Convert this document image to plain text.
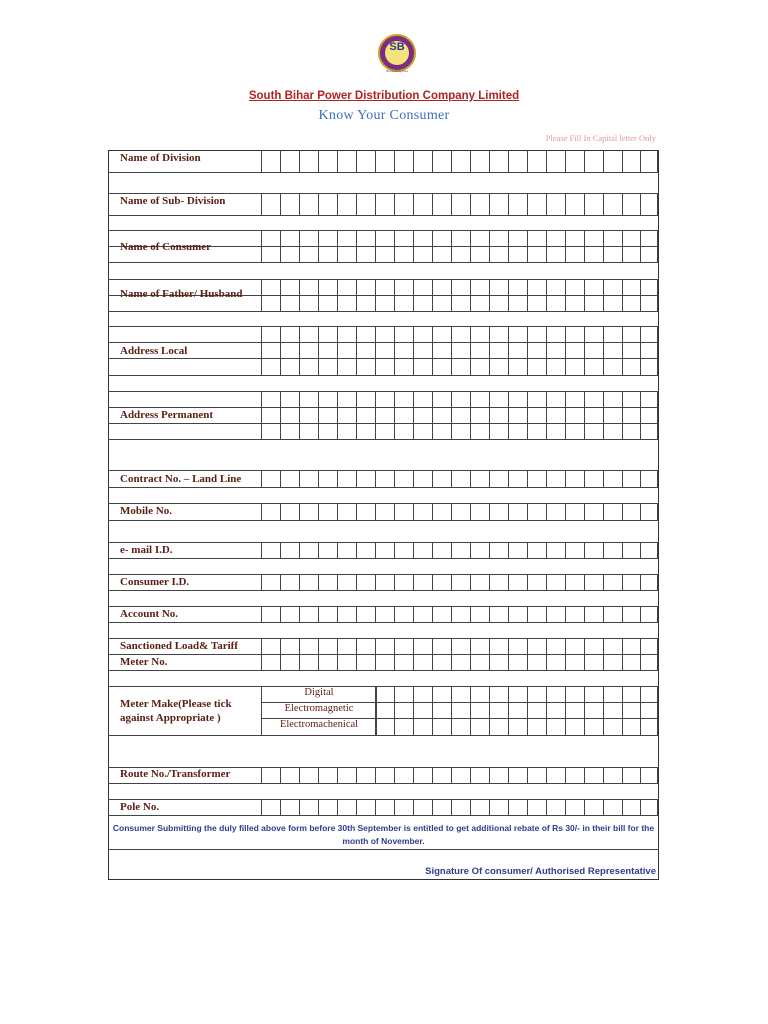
SB
Illuminating lives
South Bihar Power Distribution Company Limited
Know Your Consumer
Please Fill In Capital letter Only
Name of Division
Name of Sub- Division
Name of Consumer
Name of Father/ Husband
Address Local
Address Permanent
Contract No. – Land Line
Mobile No.
e- mail I.D.
Consumer I.D.
Account No.
Sanctioned Load& Tariff
Meter No.
Meter Make(Please tick
against Appropriate )
Route No./Transformer
Pole No.
Digital
Electromagnetic
Electromachenical
Consumer Submitting the duly filled above form before 30th September is entitled to get additional rebate of Rs 30/- in their bill for the month of November.
Signature Of consumer/ Authorised Representative
